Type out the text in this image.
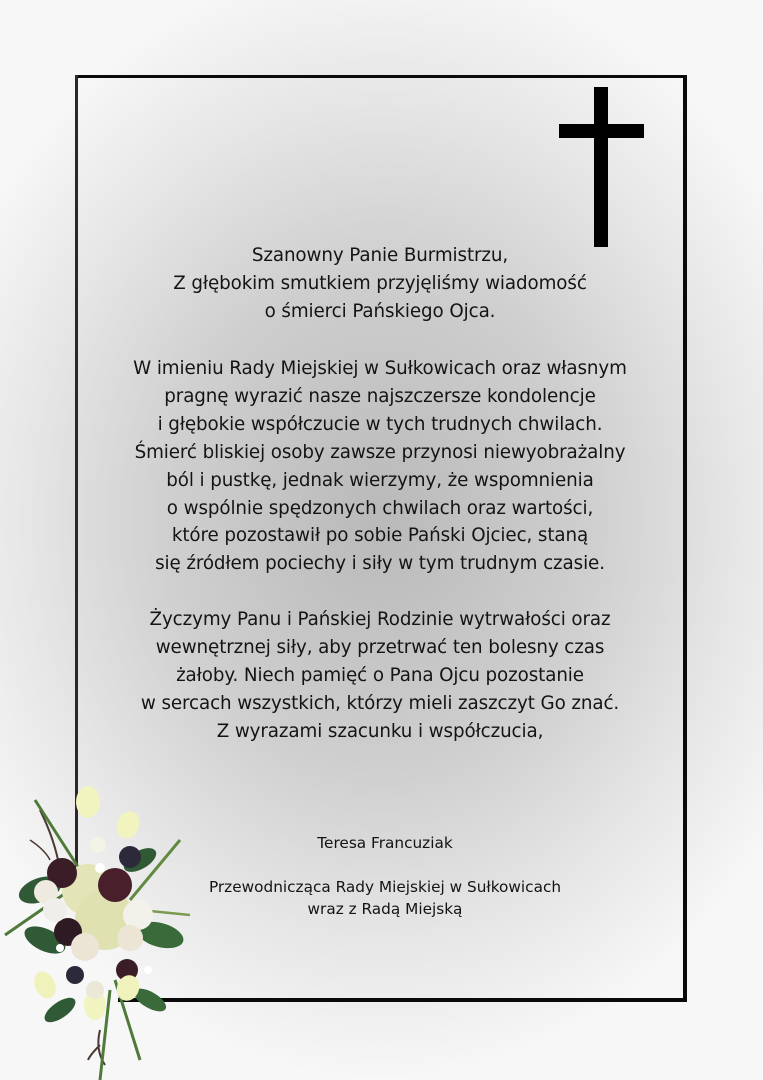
Szanowny Panie Burmistrzu,

Z głębokim smutkiem przyjęliśmy wiadomość

o śmierci Pańskiego Ojca.

W imieniu Rady Miejskiej w Sułkowicach oraz własnym

pragnę wyrazić nasze najszczersze kondolencje

i głębokie współczucie w tych trudnych chwilach.

Śmierć bliskiej osoby zawsze przynosi niewyobrażalny

ból i pustkę, jednak wierzymy, że wspomnienia

o wspólnie spędzonych chwilach oraz wartości,

które pozostawił po sobie Pański Ojciec, staną

się źródłem pociechy i siły w tym trudnym czasie.

Życzymy Panu i Pańskiej Rodzinie wytrwałości oraz

wewnętrznej siły, aby przetrwać ten bolesny czas

żałoby. Niech pamięć o Pana Ojcu pozostanie

w sercach wszystkich, którzy mieli zaszczyt Go znać.

Z wyrazami szacunku i współczucia,

Teresa Francuziak
Przewodnicząca Rady Miejskiej w Sułkowicach
wraz z Radą Miejską
